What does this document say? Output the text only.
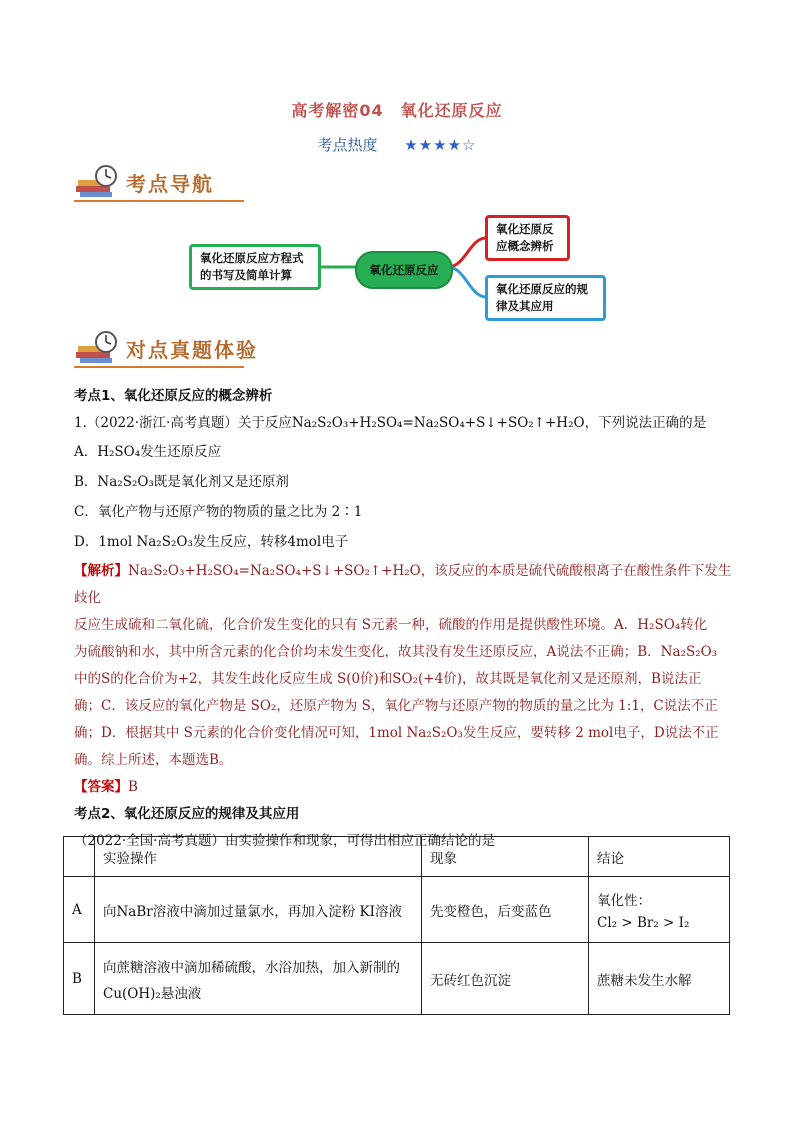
高考解密04　氧化还原反应
考点热度 ★★★★☆
考点导航
氧化还原反应方程式的书写及简单计算	氧化还原反应
氧化还原反应概念辨析
氧化还原反应的规律及其应用
对点真题体验
考点1、氧化还原反应的概念辨析
1.（2022·浙江·高考真题）关于反应Na₂S₂O₃+H₂SO₄=Na₂SO₄+S↓+SO₂↑+H₂O，下列说法正确的是
A．H₂SO₄发生还原反应
B．Na₂S₂O₃既是氧化剂又是还原剂
C．氧化产物与还原产物的物质的量之比为 2∶1
D．1mol Na₂S₂O₃发生反应，转移4mol电子
【解析】Na₂S₂O₃+H₂SO₄=Na₂SO₄+S↓+SO₂↑+H₂O，该反应的本质是硫代硫酸根离子在酸性条件下发生歧化
反应生成硫和二氧化硫，化合价发生变化的只有 S元素一种，硫酸的作用是提供酸性环境。A．H₂SO₄转化
为硫酸钠和水，其中所含元素的化合价均未发生变化，故其没有发生还原反应，A说法不正确；B．Na₂S₂O₃
中的S的化合价为+2，其发生歧化反应生成 S(0价)和SO₂(+4价)，故其既是氧化剂又是还原剂，B说法正
确；C．该反应的氧化产物是 SO₂，还原产物为 S，氧化产物与还原产物的物质的量之比为 1:1，C说法不正
确；D．根据其中 S元素的化合价变化情况可知，1mol Na₂S₂O₃发生反应，要转移 2 mol电子，D说法不正
确。综上所述，本题选B。
【答案】B
考点2、氧化还原反应的规律及其应用
（2022·全国·高考真题）由实验操作和现象，可得出相应正确结论的是
	实验操作	现象	结论
A	向NaBr溶液中滴加过量氯水，再加入淀粉 KI溶液	先变橙色，后变蓝色	氧化性：
Cl₂ > Br₂ > I₂

B	向蔗糖溶液中滴加稀硫酸，水浴加热，加入新制的
Cu(OH)₂悬浊液	无砖红色沉淀	蔗糖未发生水解
